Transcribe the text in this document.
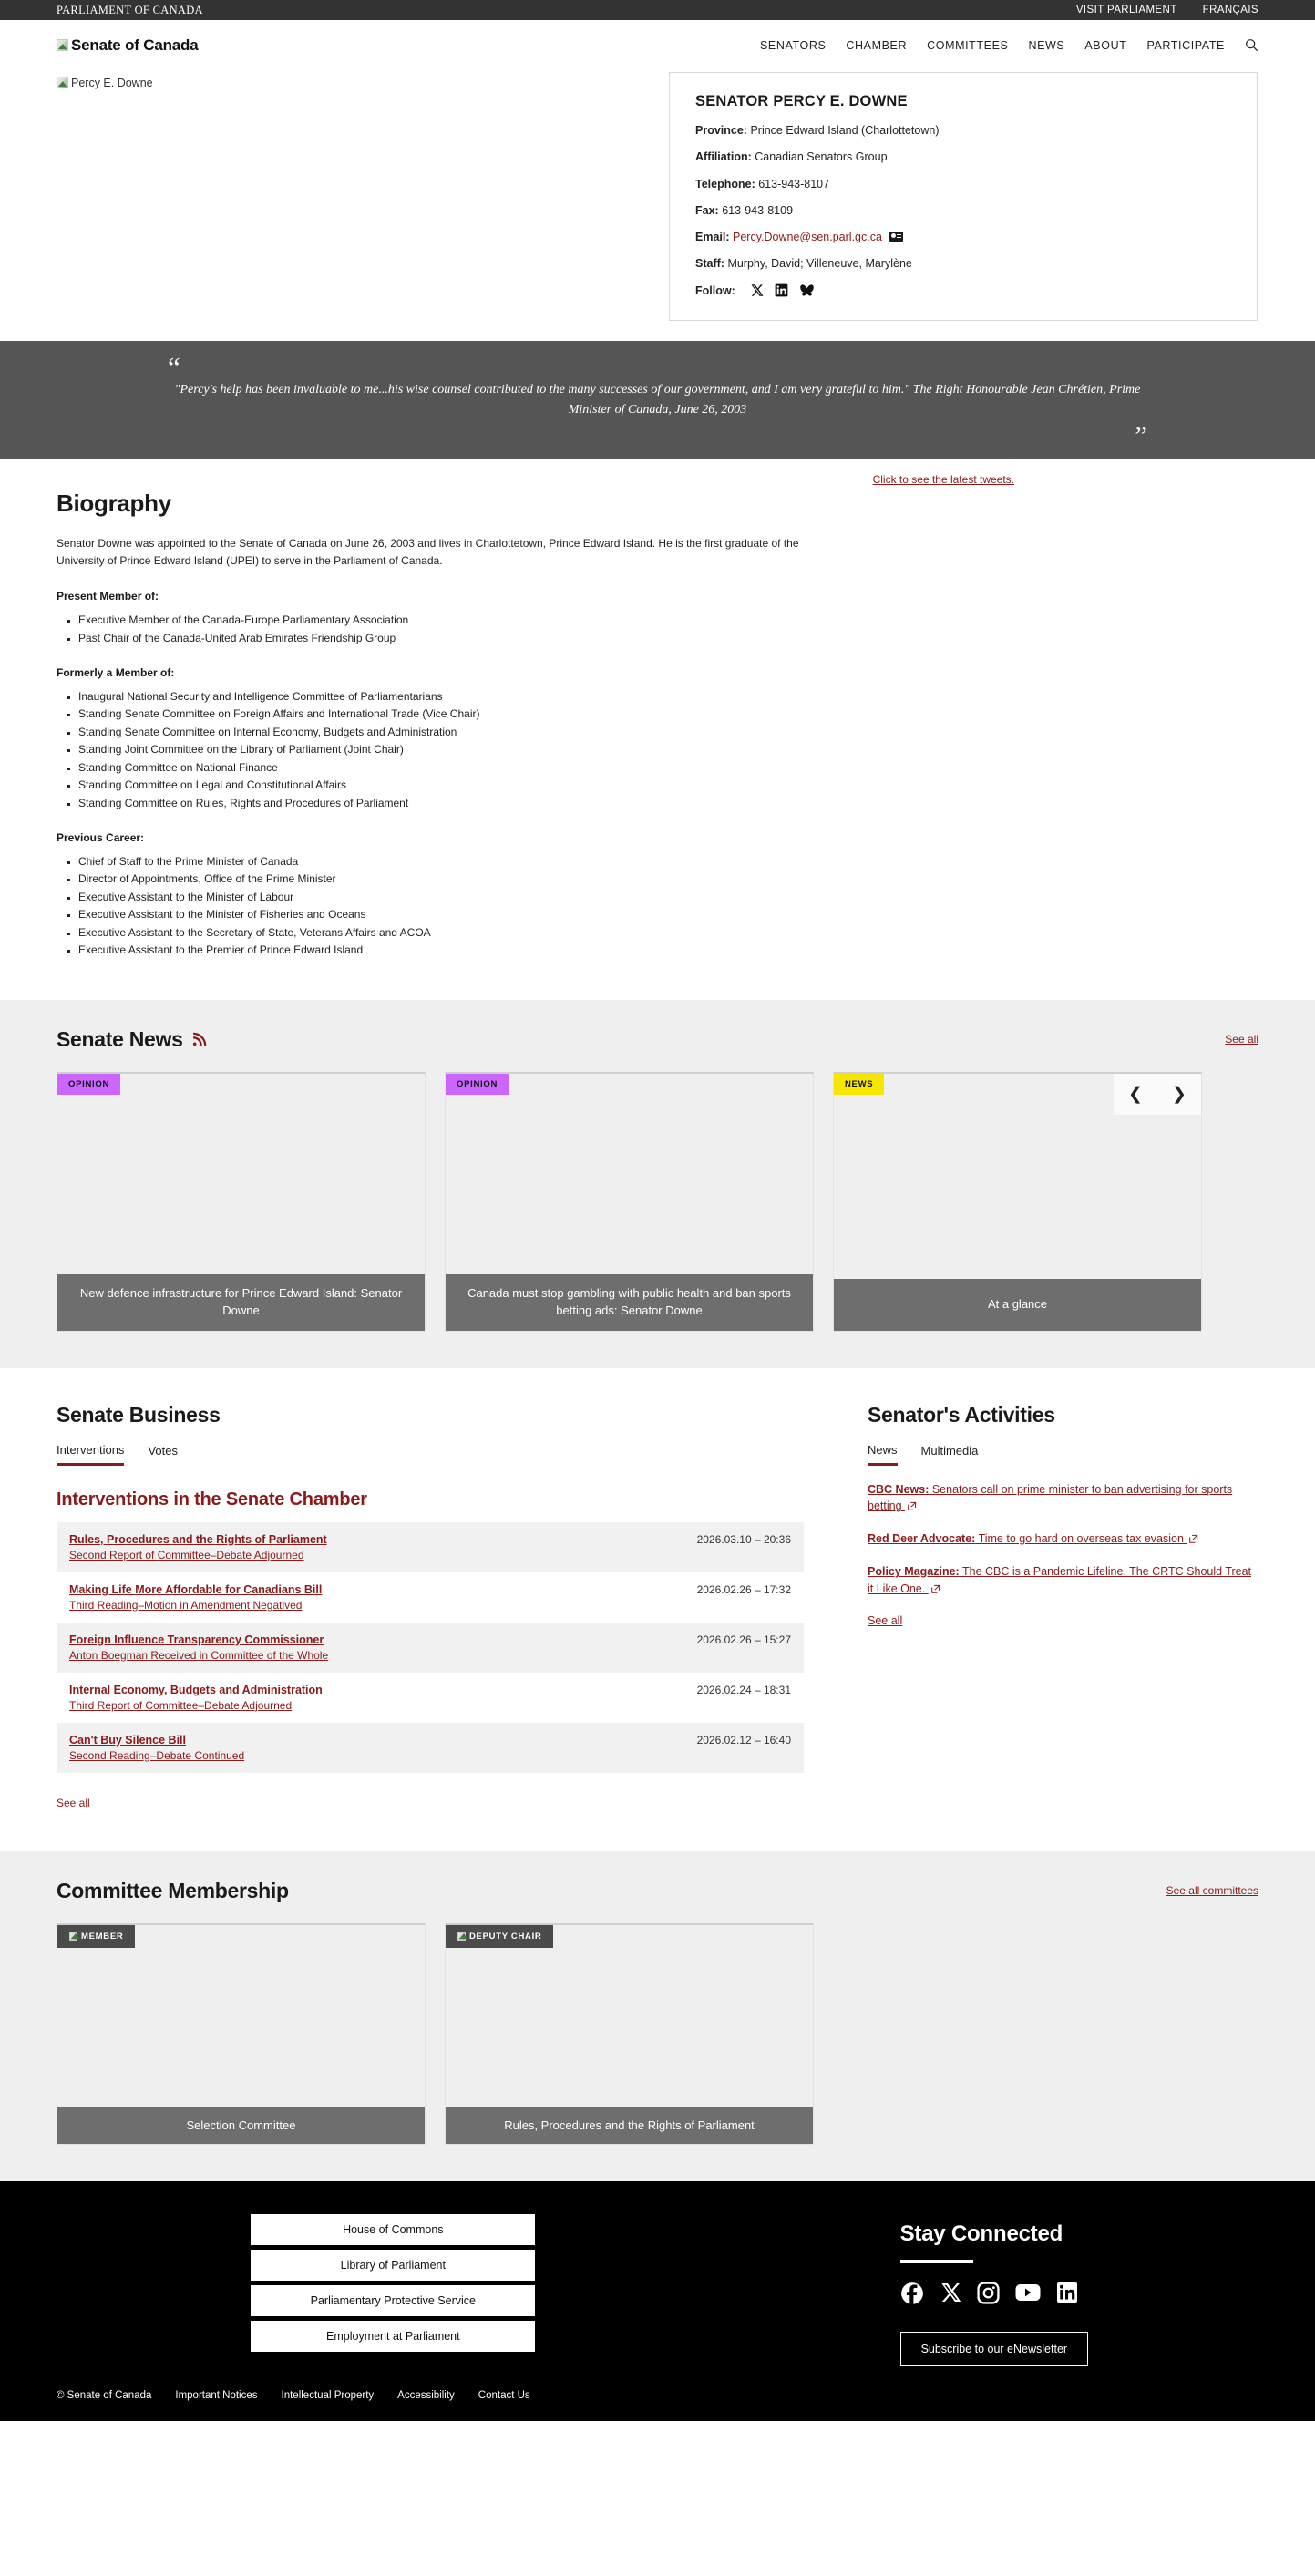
PARLIAMENT OF CANADA	VISIT PARLIAMENT FRANÇAIS
Senate of Canada	SENATORS CHAMBER COMMITTEES NEWS ABOUT PARTICIPATE
Percy E. Downe
SENATOR PERCY E. DOWNE
Province: Prince Edward Island (Charlottetown)
Affiliation: Canadian Senators Group
Telephone: 613-943-8107
Fax: 613-943-8109
Email: Percy.Downe@sen.parl.gc.ca
Staff: Murphy, David; Villeneuve, Marylène
Follow:
“
"Percy's help has been invaluable to me...his wise counsel contributed to the many successes of our government, and I am very grateful to him." The Right Honourable Jean Chrétien, Prime Minister of Canada, June 26, 2003
”
Click to see the latest tweets.
Biography

Senator Downe was appointed to the Senate of Canada on June 26, 2003 and lives in Charlottetown, Prince Edward Island. He is the first graduate of the University of Prince Edward Island (UPEI) to serve in the Parliament of Canada.

Present Member of:
▪ Executive Member of the Canada-Europe Parliamentary Association
▪ Past Chair of the Canada-United Arab Emirates Friendship Group
Formerly a Member of:
▪ Inaugural National Security and Intelligence Committee of Parliamentarians
▪ Standing Senate Committee on Foreign Affairs and International Trade (Vice Chair)
▪ Standing Senate Committee on Internal Economy, Budgets and Administration
▪ Standing Joint Committee on the Library of Parliament (Joint Chair)
▪ Standing Committee on National Finance
▪ Standing Committee on Legal and Constitutional Affairs
▪ Standing Committee on Rules, Rights and Procedures of Parliament
Previous Career:
▪ Chief of Staff to the Prime Minister of Canada
▪ Director of Appointments, Office of the Prime Minister
▪ Executive Assistant to the Minister of Labour
▪ Executive Assistant to the Minister of Fisheries and Oceans
▪ Executive Assistant to the Secretary of State, Veterans Affairs and ACOA
▪ Executive Assistant to the Premier of Prince Edward Island
Senate News	See all
OPINION
New defence infrastructure for Prince Edward Island: Senator Downe
OPINION
Canada must stop gambling with public health and ban sports betting ads: Senator Downe
NEWS
❮	❯
At a glance
Senate Business
Interventions Votes
Interventions in the Senate Chamber
Rules, Procedures and the Rights of Parliament
Second Report of Committee–Debate Adjourned	2026.03.10 – 20:36

Making Life More Affordable for Canadians Bill
Third Reading–Motion in Amendment Negatived	2026.02.26 – 17:32

Foreign Influence Transparency Commissioner
Anton Boegman Received in Committee of the Whole	2026.02.26 – 15:27

Internal Economy, Budgets and Administration
Third Report of Committee–Debate Adjourned	2026.02.24 – 18:31

Can't Buy Silence Bill
Second Reading–Debate Continued	2026.02.12 – 16:40
See all
Senator's Activities
News Multimedia
CBC News: Senators call on prime minister to ban advertising for sports betting
Red Deer Advocate: Time to go hard on overseas tax evasion
Policy Magazine: The CBC is a Pandemic Lifeline. The CRTC Should Treat it Like One.
See all
Committee Membership	See all committees
MEMBER
Selection Committee
DEPUTY CHAIR
Rules, Procedures and the Rights of Parliament
House of Commons
Library of Parliament
Parliamentary Protective Service
Employment at Parliament
Stay Connected
Subscribe to our eNewsletter
© Senate of Canada Important Notices Intellectual Property Accessibility Contact Us
